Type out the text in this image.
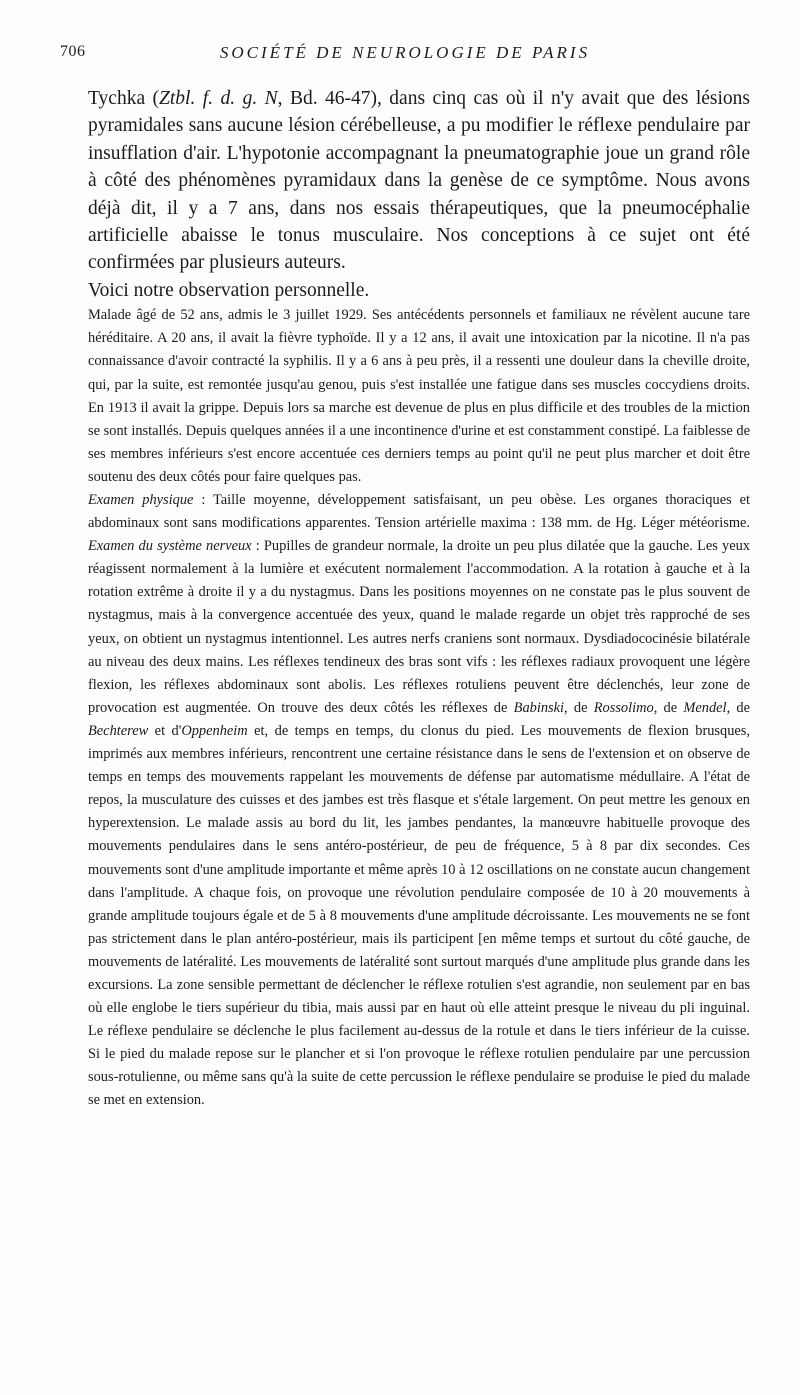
706	SOCIÉTÉ DE NEUROLOGIE DE PARIS

Tychka (Ztbl. f. d. g. N, Bd. 46-47), dans cinq cas où il n'y avait que des lésions pyramidales sans aucune lésion cérébelleuse, a pu modifier le réflexe pendulaire par insufflation d'air. L'hypotonie accompagnant la pneumatographie joue un grand rôle à côté des phénomènes pyramidaux dans la genèse de ce symptôme. Nous avons déjà dit, il y a 7 ans, dans nos essais thérapeutiques, que la pneumocéphalie artificielle abaisse le tonus musculaire. Nos conceptions à ce sujet ont été confirmées par plusieurs auteurs.

Voici notre observation personnelle.

Malade âgé de 52 ans, admis le 3 juillet 1929. Ses antécédents personnels et familiaux ne révèlent aucune tare héréditaire. A 20 ans, il avait la fièvre typhoïde. Il y a 12 ans, il avait une intoxication par la nicotine. Il n'a pas connaissance d'avoir contracté la syphilis. Il y a 6 ans à peu près, il a ressenti une douleur dans la cheville droite, qui, par la suite, est remontée jusqu'au genou, puis s'est installée une fatigue dans ses muscles coccydiens droits. En 1913 il avait la grippe. Depuis lors sa marche est devenue de plus en plus difficile et des troubles de la miction se sont installés. Depuis quelques années il a une incontinence d'urine et est constamment constipé. La faiblesse de ses membres inférieurs s'est encore accentuée ces derniers temps au point qu'il ne peut plus marcher et doit être soutenu des deux côtés pour faire quelques pas.

Examen physique : Taille moyenne, développement satisfaisant, un peu obèse. Les organes thoraciques et abdominaux sont sans modifications apparentes. Tension artérielle maxima : 138 mm. de Hg. Léger météorisme. Examen du système nerveux : Pupilles de grandeur normale, la droite un peu plus dilatée que la gauche. Les yeux réagissent normalement à la lumière et exécutent normalement l'accommodation. A la rotation à gauche et à la rotation extrême à droite il y a du nystagmus. Dans les positions moyennes on ne constate pas le plus souvent de nystagmus, mais à la convergence accentuée des yeux, quand le malade regarde un objet très rapproché de ses yeux, on obtient un nystagmus intentionnel. Les autres nerfs craniens sont normaux. Dysdiadococinésie bilatérale au niveau des deux mains. Les réflexes tendineux des bras sont vifs : les réflexes radiaux provoquent une légère flexion, les réflexes abdominaux sont abolis. Les réflexes rotuliens peuvent être déclenchés, leur zone de provocation est augmentée. On trouve des deux côtés les réflexes de Babinski, de Rossolimo, de Mendel, de Bechterew et d'Oppenheim et, de temps en temps, du clonus du pied. Les mouvements de flexion brusques, imprimés aux membres inférieurs, rencontrent une certaine résistance dans le sens de l'extension et on observe de temps en temps des mouvements rappelant les mouvements de défense par automatisme médullaire. A l'état de repos, la musculature des cuisses et des jambes est très flasque et s'étale largement. On peut mettre les genoux en hyperextension. Le malade assis au bord du lit, les jambes pendantes, la manœuvre habituelle provoque des mouvements pendulaires dans le sens antéro-postérieur, de peu de fréquence, 5 à 8 par dix secondes. Ces mouvements sont d'une amplitude importante et même après 10 à 12 oscillations on ne constate aucun changement dans l'amplitude. A chaque fois, on provoque une révolution pendulaire composée de 10 à 20 mouvements à grande amplitude toujours égale et de 5 à 8 mouvements d'une amplitude décroissante. Les mouvements ne se font pas strictement dans le plan antéro-postérieur, mais ils participent [en même temps et surtout du côté gauche, de mouvements de latéralité. Les mouvements de latéralité sont surtout marqués d'une amplitude plus grande dans les excursions. La zone sensible permettant de déclencher le réflexe rotulien s'est agrandie, non seulement par en bas où elle englobe le tiers supérieur du tibia, mais aussi par en haut où elle atteint presque le niveau du pli inguinal. Le réflexe pendulaire se déclenche le plus facilement au-dessus de la rotule et dans le tiers inférieur de la cuisse. Si le pied du malade repose sur le plancher et si l'on provoque le réflexe rotulien pendulaire par une percussion sous-rotulienne, ou même sans qu'à la suite de cette percussion le réflexe pendulaire se produise le pied du malade se met en extension.
